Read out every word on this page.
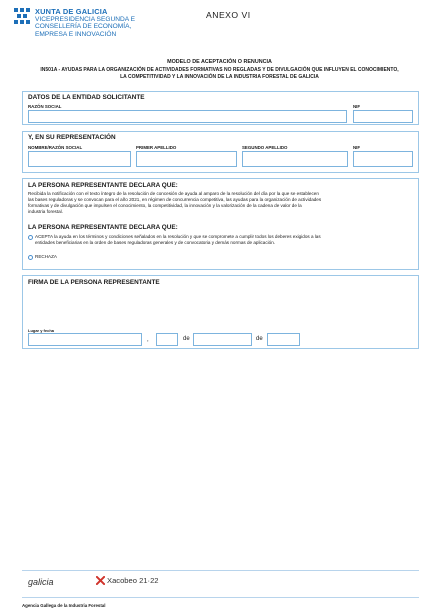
XUNTA DE GALICIA
VICEPRESIDENCIA SEGUNDA E
CONSELLERÍA DE ECONOMÍA,
EMPRESA E INNOVACIÓN
ANEXO VI
MODELO DE ACEPTACIÓN O RENUNCIA
IN501A - AYUDAS PARA LA ORGANIZACIÓN DE ACTIVIDADES FORMATIVAS NO REGLADAS Y DE DIVULGACIÓN QUE INFLUYEN EL CONOCIMIENTO,
LA COMPETITIVIDAD Y LA INNOVACIÓN DE LA INDUSTRIA FORESTAL DE GALICIA
DATOS DE LA ENTIDAD SOLICITANTE
RAZÓN SOCIAL	NIF
Y, EN SU REPRESENTACIÓN
NOMBRE/RAZÓN SOCIAL	PRIMER APELLIDO	SEGUNDO APELLIDO	NIF
LA PERSONA REPRESENTANTE DECLARA QUE:
Recibida la notificación con el texto íntegro de la resolución de concesión de ayuda al amparo de la resolución del día por la que se establecen
las bases reguladoras y se convocan para el año 2021, en régimen de concurrencia competitiva, las ayudas para la organización de actividades
formativas y de divulgación que impulsen el conocimiento, la competitividad, la innovación y la valorización de la cadena de valor de la
industria forestal.
LA PERSONA REPRESENTANTE DECLARA QUE:
ACEPTA la ayuda en los términos y condiciones señalados en la resolución y que se compromete a cumplir todos los deberes exigidos a las
entidades beneficiarias en la orden de bases reguladoras generales y de convocatoria y demás normas de aplicación.
RECHAZA
FIRMA DE LA PERSONA REPRESENTANTE
Lugar y fecha
,	de	de
galicia	Xacobeo 21·22
Agencia Gallega de la Industria Forestal
